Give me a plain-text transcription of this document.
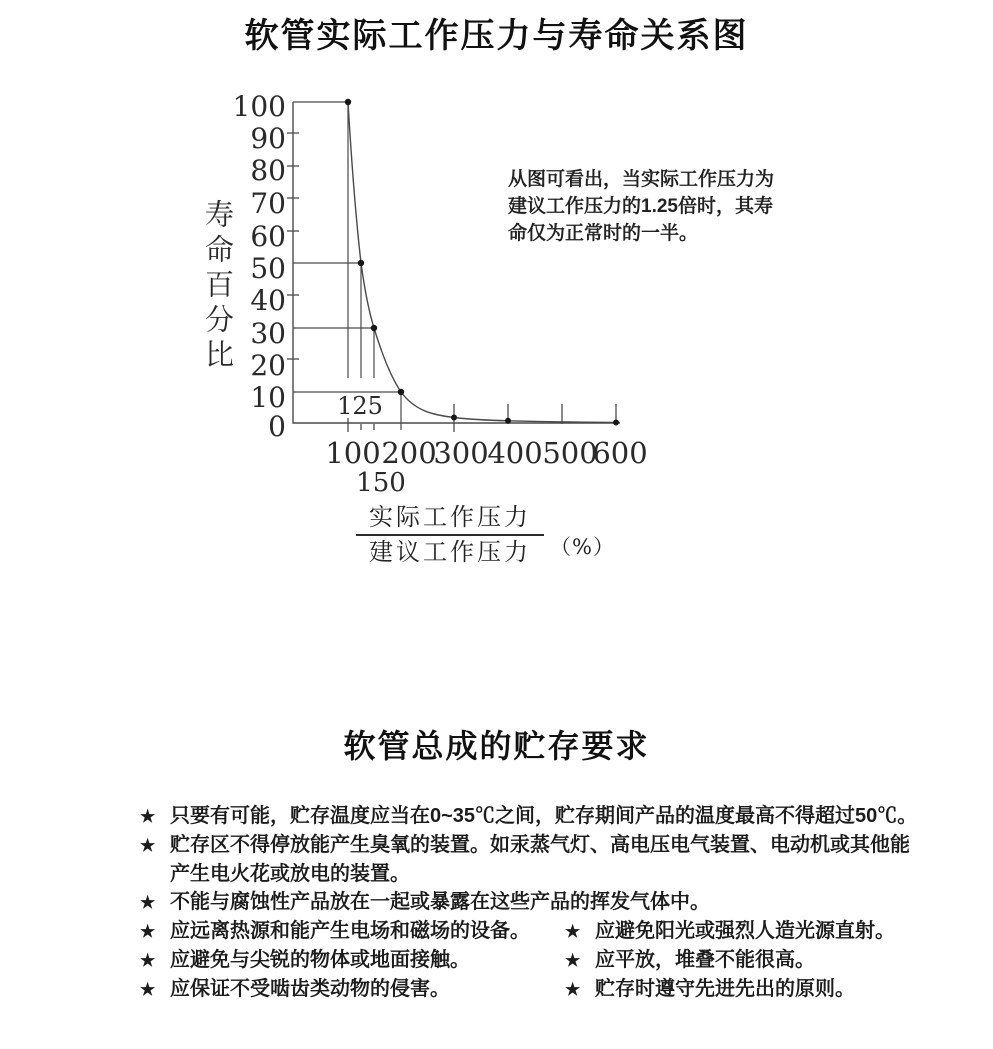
软管实际工作压力与寿命关系图
100
90
80
70
60
50
40
30
20
10
0
100 200
300
400 500
600
125
150
寿命百分比
从图可看出，当实际工作压力为
建议工作压力的1.25倍时，其寿
命仅为正常时的一半。
实际工作压力
建议工作压力 （%）
软管总成的贮存要求
★ 只要有可能，贮存温度应当在0~35℃之间，贮存期间产品的温度最高不得超过50℃。
★ 贮存区不得停放能产生臭氧的装置。如汞蒸气灯、高电压电气装置、电动机或其他能
产生电火花或放电的装置。
★ 不能与腐蚀性产品放在一起或暴露在这些产品的挥发气体中。
★ 应远离热源和能产生电场和磁场的设备。 ★ 应避免阳光或强烈人造光源直射。
★ 应避免与尖锐的物体或地面接触。	★ 应平放，堆叠不能很高。
★ 应保证不受啮齿类动物的侵害。	★ 贮存时遵守先进先出的原则。
